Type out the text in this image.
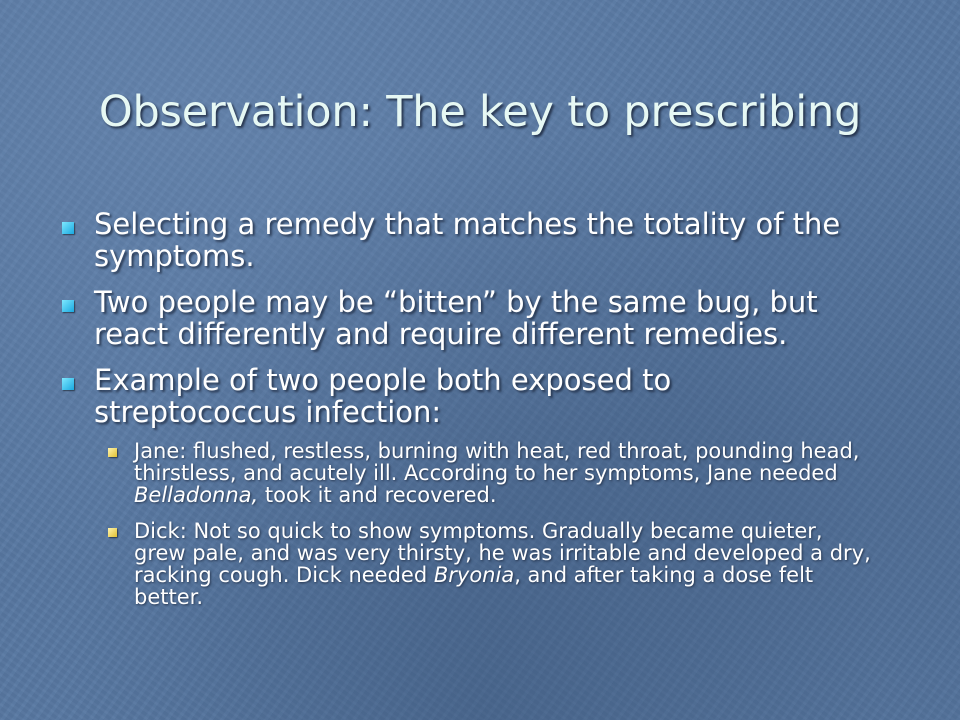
Observation: The key to prescribing
Selecting a remedy that matches the totality of the symptoms.
Two people may be “bitten” by the same bug, but react differently and require different remedies.
Example of two people both exposed to streptococcus infection:
Jane: flushed, restless, burning with heat, red throat, pounding head, thirstless, and acutely ill. According to her symptoms, Jane needed Belladonna, took it and recovered.
Dick: Not so quick to show symptoms. Gradually became quieter, grew pale, and was very thirsty, he was irritable and developed a dry, racking cough. Dick needed Bryonia, and after taking a dose felt better.
